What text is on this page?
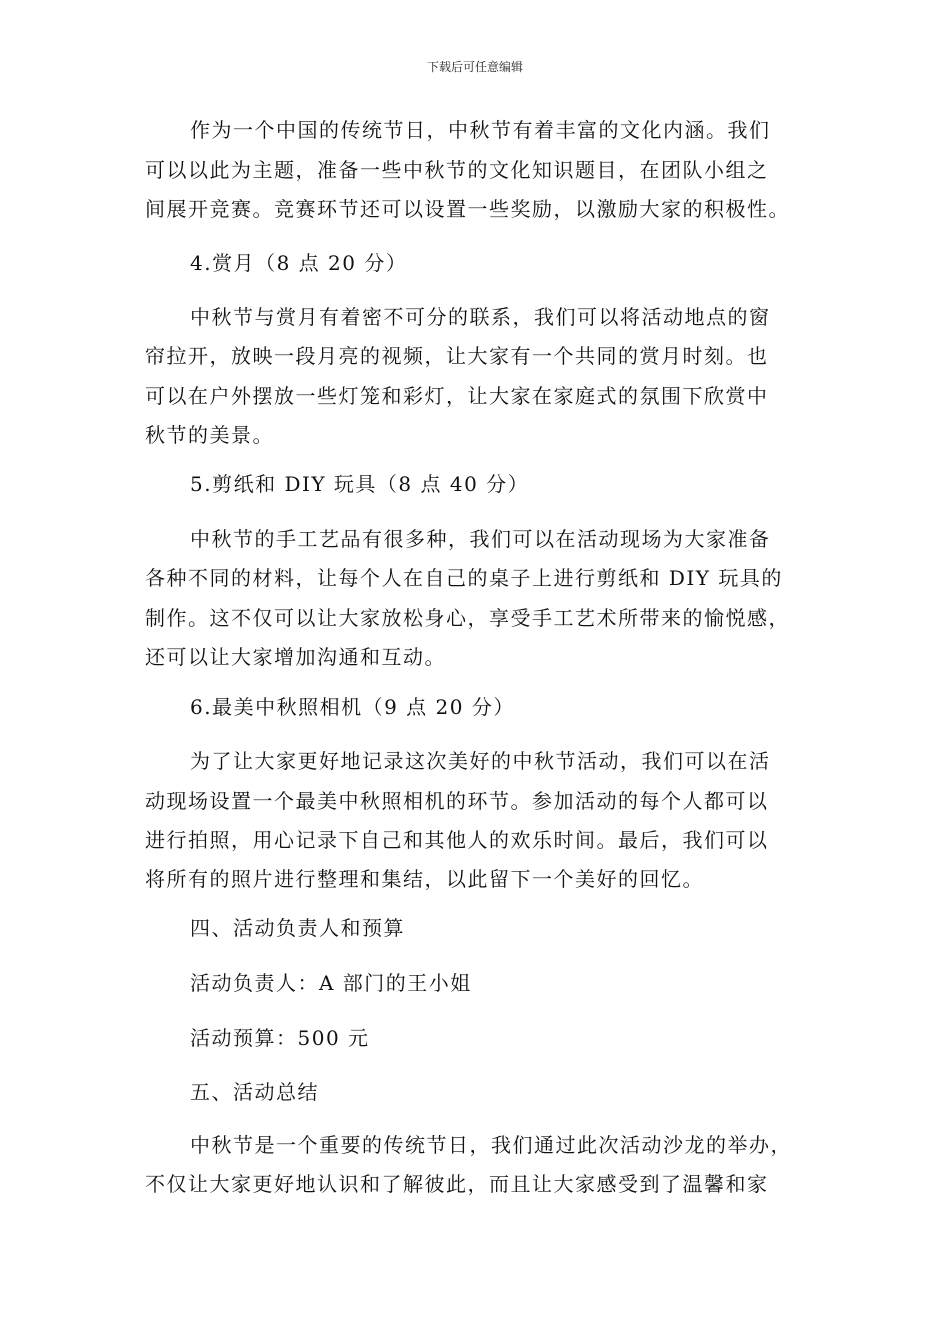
下载后可任意编辑
作为一个中国的传统节日，中秋节有着丰富的文化内涵。我们
可以以此为主题，准备一些中秋节的文化知识题目，在团队小组之
间展开竞赛。竞赛环节还可以设置一些奖励，以激励大家的积极性。
4.赏月（8 点 20 分）
中秋节与赏月有着密不可分的联系，我们可以将活动地点的窗
帘拉开，放映一段月亮的视频，让大家有一个共同的赏月时刻。也
可以在户外摆放一些灯笼和彩灯，让大家在家庭式的氛围下欣赏中
秋节的美景。
5.剪纸和 DIY 玩具（8 点 40 分）
中秋节的手工艺品有很多种，我们可以在活动现场为大家准备
各种不同的材料，让每个人在自己的桌子上进行剪纸和 DIY 玩具的
制作。这不仅可以让大家放松身心，享受手工艺术所带来的愉悦感，
还可以让大家增加沟通和互动。
6.最美中秋照相机（9 点 20 分）
为了让大家更好地记录这次美好的中秋节活动，我们可以在活
动现场设置一个最美中秋照相机的环节。参加活动的每个人都可以
进行拍照，用心记录下自己和其他人的欢乐时间。最后，我们可以
将所有的照片进行整理和集结，以此留下一个美好的回忆。
四、活动负责人和预算
活动负责人：A 部门的王小姐
活动预算：500 元
五、活动总结
中秋节是一个重要的传统节日，我们通过此次活动沙龙的举办，
不仅让大家更好地认识和了解彼此，而且让大家感受到了温馨和家
